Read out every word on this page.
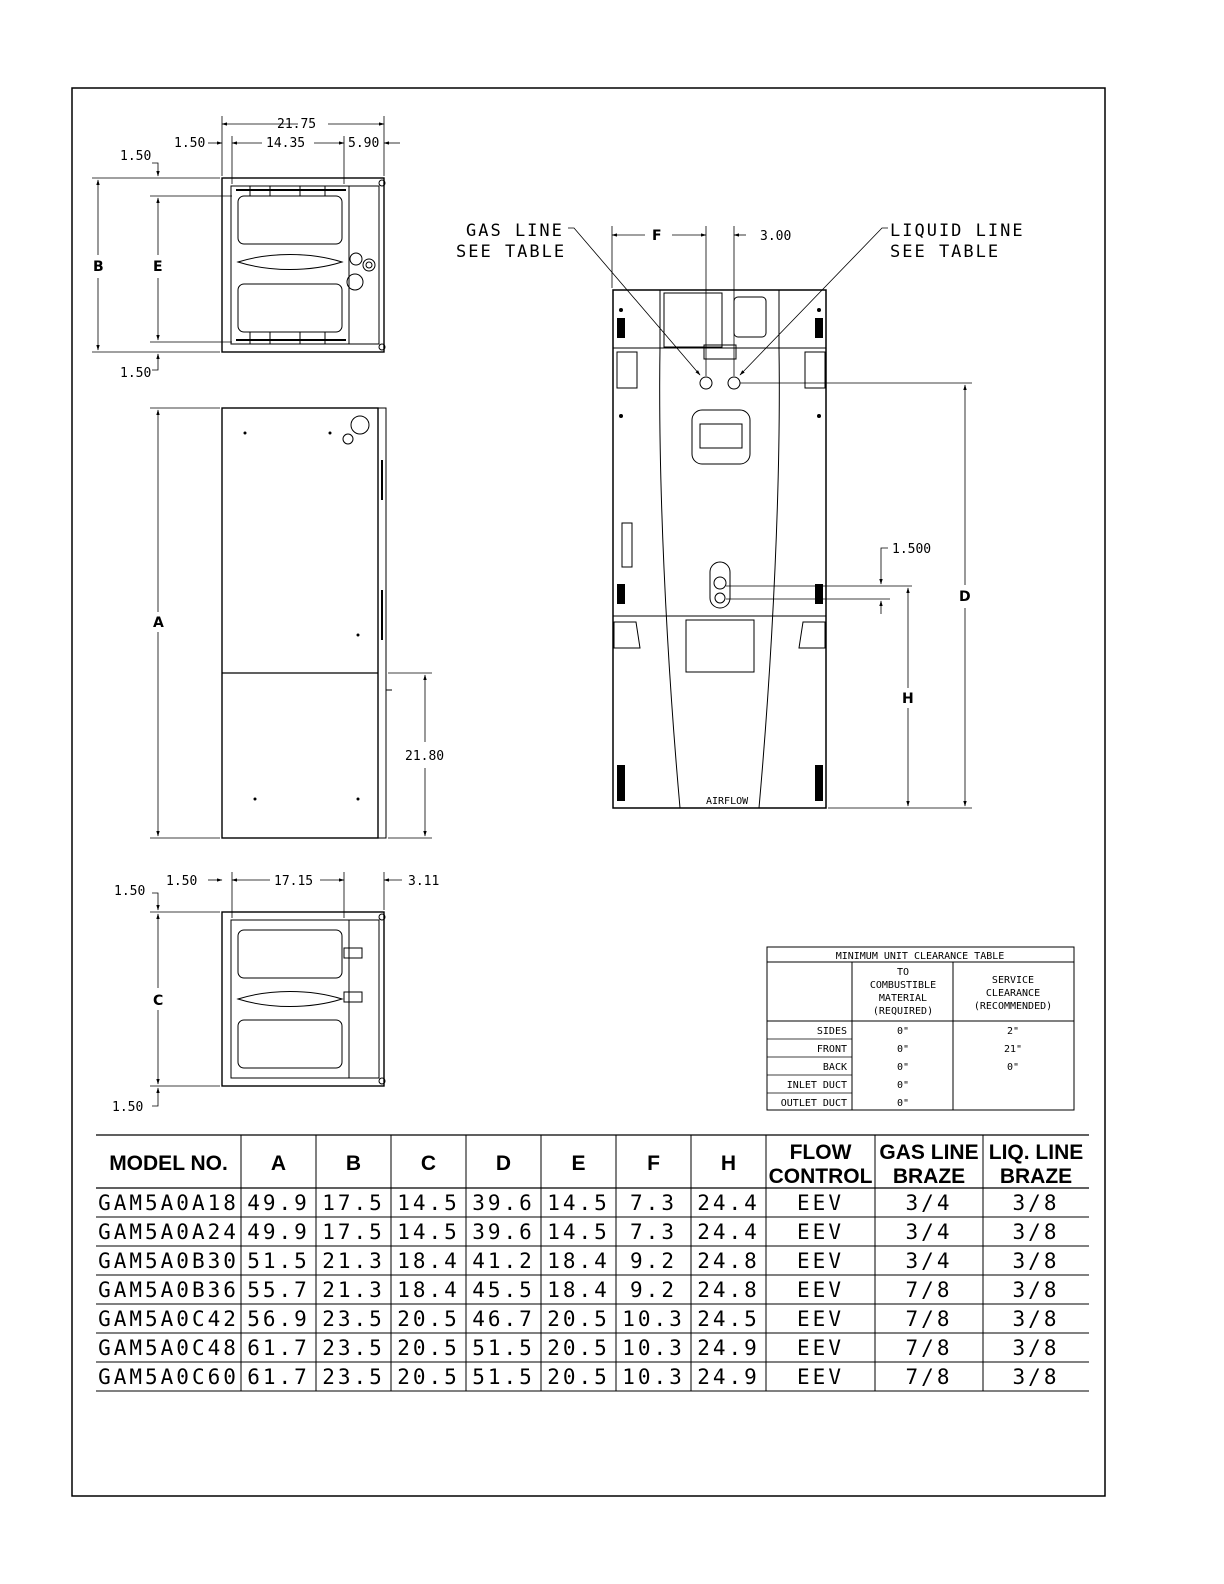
21.75
1.50	14.35	5.90
1.50
1.50
B	E
A
21.80
1.50
1.50
17.15	3.11
1.50
C
AIRFLOW
GAS LINE
SEE TABLE
LIQUID LINE
SEE TABLE
F	3.00
1.500
D
H
MINIMUM UNIT CLEARANCE TABLE
TO
COMBUSTIBLE
MATERIAL
(REQUIRED)
SERVICE
CLEARANCE
(RECOMMENDED)
SIDES	0"	2"
FRONT	0"	21"
BACK	0"	0"
INLET DUCT	0"
OUTLET DUCT	0"
MODEL NO. A	B	C	D	E	F	H	FLOW
CONTROL
GAS LINE
BRAZE
LIQ. LINE
BRAZE
GAM5A0A18 49.9 17.5 14.5 39.6 14.5 7.3 24.4 EEV	3/4	3/8
GAM5A0A24 49.9 17.5 14.5 39.6 14.5 7.3 24.4 EEV	3/4	3/8
GAM5A0B30 51.5 21.3 18.4 41.2 18.4 9.2 24.8 EEV	3/4	3/8
GAM5A0B36 55.7 21.3 18.4 45.5 18.4 9.2 24.8 EEV	7/8	3/8
GAM5A0C42 56.9 23.5 20.5 46.7 20.5 10.3 24.5 EEV	7/8	3/8
GAM5A0C48 61.7 23.5 20.5 51.5 20.5 10.3 24.9 EEV	7/8	3/8
GAM5A0C60 61.7 23.5 20.5 51.5 20.5 10.3 24.9 EEV	7/8	3/8
